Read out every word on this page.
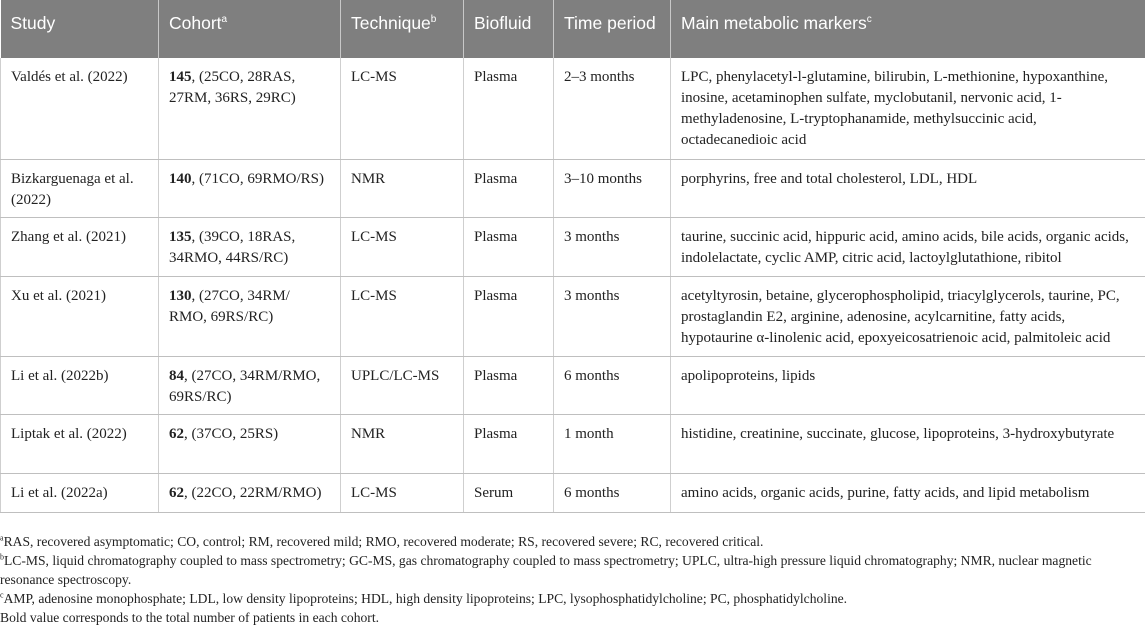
Study	Cohort$^a$	Technique$^b$	Biofluid	Time period	Main metabolic markers$^c$
Valdés et al. (2022)	145, (25CO, 28RAS, 27RM, 36RS, 29RC)	LC-MS	Plasma	2–3 months	LPC, phenylacetyl-l-glutamine, bilirubin, L-methionine, hypoxanthine, inosine, acetaminophen sulfate, myclobutanil, nervonic acid, 1-methyladenosine, L-tryptophanamide, methylsuccinic acid, octadecanedioic acid
Bizkarguenaga et al. (2022)	140, (71CO, 69RMO/RS)	NMR	Plasma	3–10 months	porphyrins, free and total cholesterol, LDL, HDL
Zhang et al. (2021)	135, (39CO, 18RAS, 34RMO, 44RS/RC)	LC-MS	Plasma	3 months	taurine, succinic acid, hippuric acid, amino acids, bile acids, organic acids, indolelactate, cyclic AMP, citric acid, lactoylglutathione, ribitol
Xu et al. (2021)	130, (27CO, 34RM/ RMO, 69RS/RC)	LC-MS	Plasma	3 months	acetyltyrosin, betaine, glycerophospholipid, triacylglycerols, taurine, PC, prostaglandin E2, arginine, adenosine, acylcarnitine, fatty acids, hypotaurine α-linolenic acid, epoxyeicosatrienoic acid, palmitoleic acid
Li et al. (2022b)	84, (27CO, 34RM/RMO, 69RS/RC)	UPLC/LC-MS	Plasma	6 months	apolipoproteins, lipids
Liptak et al. (2022)	62, (37CO, 25RS)	NMR	Plasma	1 month	histidine, creatinine, succinate, glucose, lipoproteins, 3-hydroxybutyrate
Li et al. (2022a)	62, (22CO, 22RM/RMO)	LC-MS	Serum	6 months	amino acids, organic acids, purine, fatty acids, and lipid metabolism

$^a$RAS, recovered asymptomatic; CO, control; RM, recovered mild; RMO, recovered moderate; RS, recovered severe; RC, recovered critical.

$^b$LC-MS, liquid chromatography coupled to mass spectrometry; GC-MS, gas chromatography coupled to mass spectrometry; UPLC, ultra-high pressure liquid chromatography; NMR, nuclear magnetic resonance spectroscopy.

$^c$AMP, adenosine monophosphate; LDL, low density lipoproteins; HDL, high density lipoproteins; LPC, lysophosphatidylcholine; PC, phosphatidylcholine.

Bold value corresponds to the total number of patients in each cohort.
